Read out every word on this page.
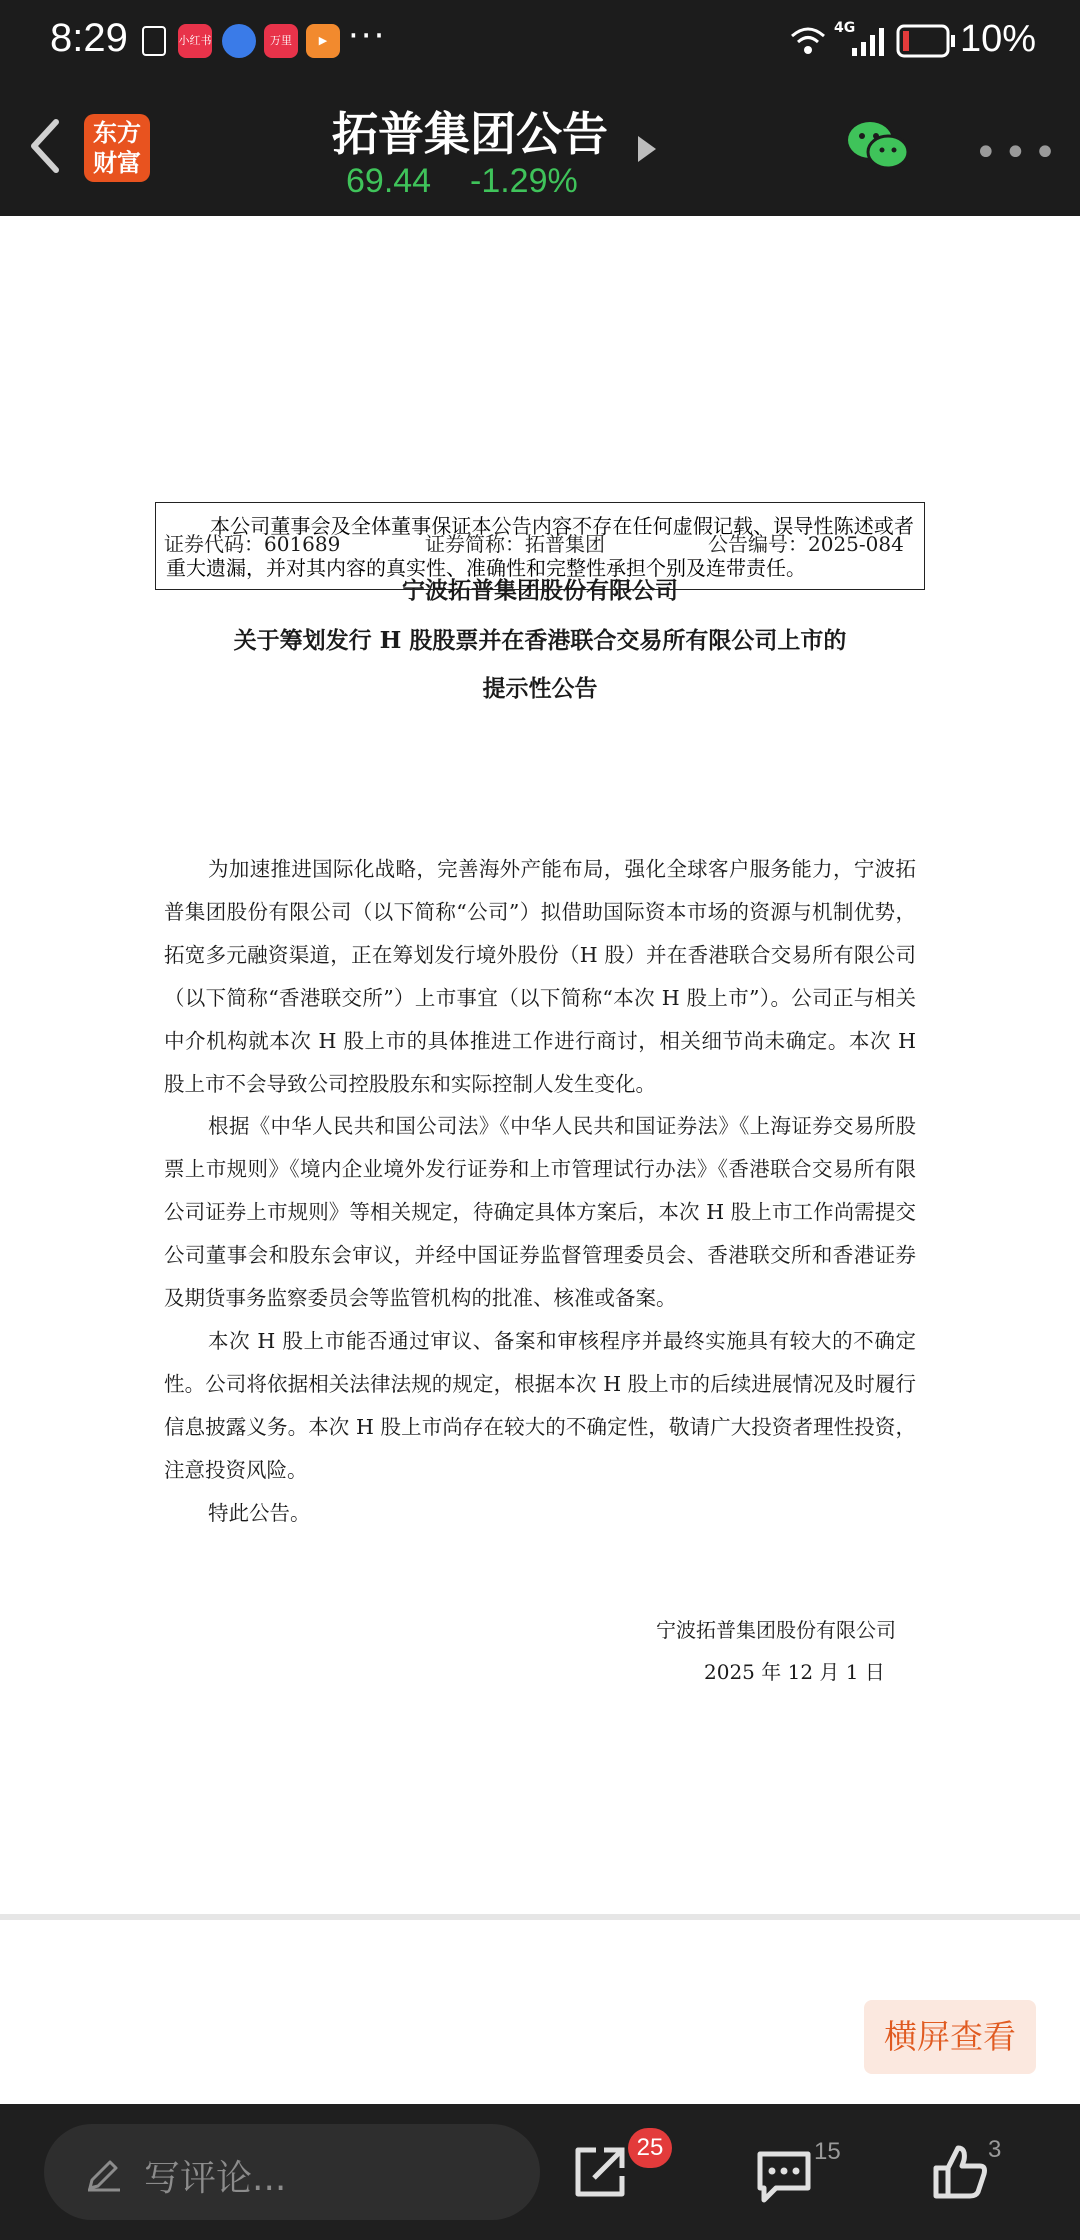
8:29	小红书	万里	▶ ···	4G	10%
东方财富
拓普集团公告
69.44 -1.29%
•••
证券代码：601689	证券简称：拓普集团	公告编号：2025-084
宁波拓普集团股份有限公司
关于筹划发行 H 股股票并在香港联合交易所有限公司上市的
提示性公告
本公司董事会及全体董事保证本公告内容不存在任何虚假记载、误导性陈述或者重大遗漏，并对其内容的真实性、准确性和完整性承担个别及连带责任。
为加速推进国际化战略，完善海外产能布局，强化全球客户服务能力，宁波拓普集团股份有限公司（以下简称“公司”）拟借助国际资本市场的资源与机制优势，拓宽多元融资渠道，正在筹划发行境外股份（H 股）并在香港联合交易所有限公司（以下简称“香港联交所”）上市事宜（以下简称“本次 H 股上市”）。公司正与相关中介机构就本次 H 股上市的具体推进工作进行商讨，相关细节尚未确定。本次 H 股上市不会导致公司控股股东和实际控制人发生变化。
根据《中华人民共和国公司法》《中华人民共和国证券法》《上海证券交易所股票上市规则》《境内企业境外发行证券和上市管理试行办法》《香港联合交易所有限公司证券上市规则》等相关规定，待确定具体方案后，本次 H 股上市工作尚需提交公司董事会和股东会审议，并经中国证券监督管理委员会、香港联交所和香港证券及期货事务监察委员会等监管机构的批准、核准或备案。
本次 H 股上市能否通过审议、备案和审核程序并最终实施具有较大的不确定性。公司将依据相关法律法规的规定，根据本次 H 股上市的后续进展情况及时履行信息披露义务。本次 H 股上市尚存在较大的不确定性，敬请广大投资者理性投资，注意投资风险。
特此公告。
宁波拓普集团股份有限公司
2025 年 12 月 1 日
横屏查看
写评论...
25	15	3
